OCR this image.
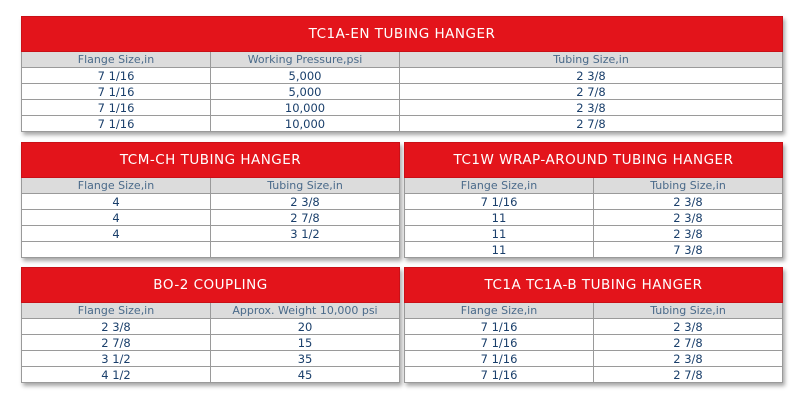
TC1A-EN TUBING HANGER		
Flange Size,in	Working Pressure,psi	Tubing Size,in
7 1/16	5,000	2 3/8
7 1/16	5,000	2 7/8
7 1/16	10,000	2 3/8
7 1/16	10,000	2 7/8
TCM-CH TUBING HANGER	
Flange Size,in	Tubing Size,in
4	2 3/8
4	2 7/8
4	3 1/2

TC1W WRAP-AROUND TUBING HANGER	
Flange Size,in	Tubing Size,in
7 1/16	2 3/8
11	2 3/8
11	2 3/8
11	7 3/8
BO-2 COUPLING	
Flange Size,in	Approx. Weight 10,000 psi
2 3/8	20
2 7/8	15
3 1/2	35
4 1/2	45
TC1A TC1A-B TUBING HANGER	
Flange Size,in	Tubing Size,in
7 1/16	2 3/8
7 1/16	2 7/8
7 1/16	2 3/8
7 1/16	2 7/8
